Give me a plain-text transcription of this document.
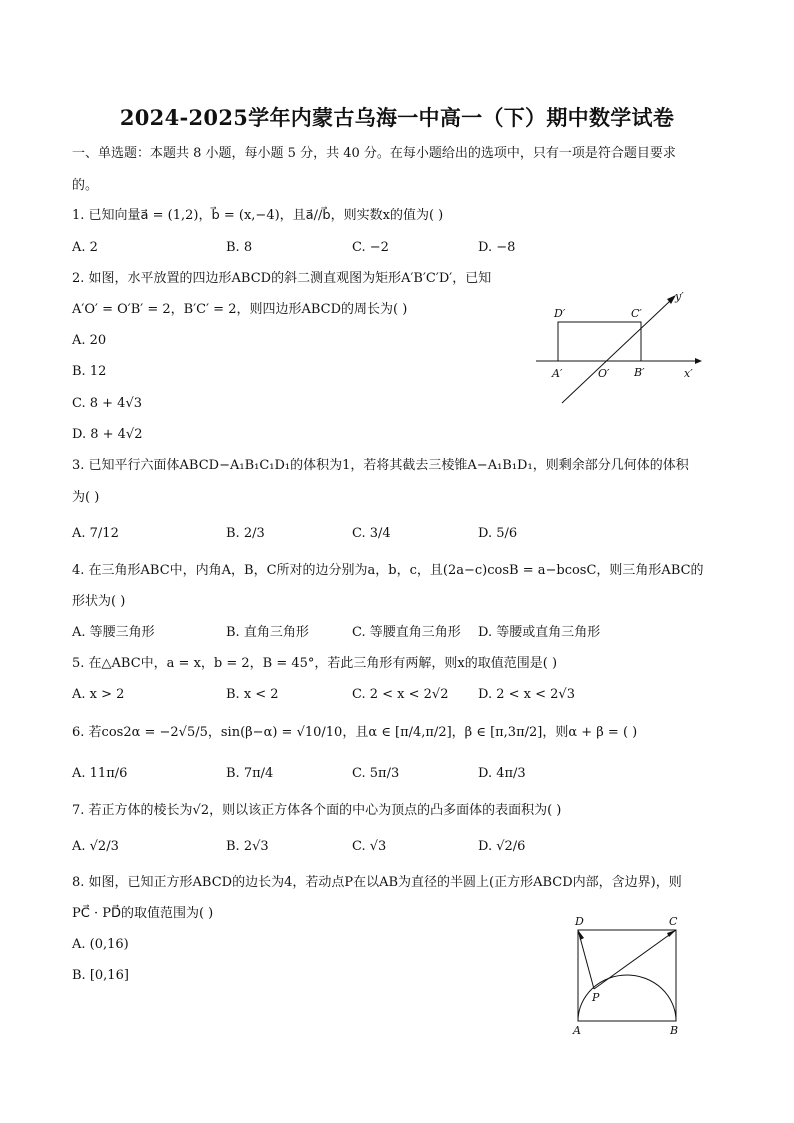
2024-2025学年内蒙古乌海一中高一（下）期中数学试卷
一、单选题：本题共 8 小题，每小题 5 分，共 40 分。在每小题给出的选项中，只有一项是符合题目要求
的。
1. 已知向量a⃗ = (1,2)，b⃗ = (x,−4)，且a⃗//b⃗，则实数x的值为( )
A. 2	B. 8	C. −2	D. −8
2. 如图，水平放置的四边形ABCD的斜二测直观图为矩形A′B′C′D′，已知
A′O′ = O′B′ = 2，B′C′ = 2，则四边形ABCD的周长为( )
A. 20
B. 12
C. 8 + 4√3
D. 8 + 4√2
D′	C′
y′
A′	O′ B′	x′
3. 已知平行六面体ABCD−A₁B₁C₁D₁的体积为1，若将其截去三棱锥A−A₁B₁D₁，则剩余部分几何体的体积
为( )
A. 7/12	B. 2/3	C. 3/4	D. 5/6
4. 在三角形ABC中，内角A，B，C所对的边分别为a，b，c，且(2a−c)cosB = a−bcosC，则三角形ABC的
形状为( )
A. 等腰三角形	B. 直角三角形	C. 等腰直角三角形 D. 等腰或直角三角形
5. 在△ABC中，a = x，b = 2，B = 45°，若此三角形有两解，则x的取值范围是( )
A. x > 2	B. x < 2	C. 2 < x < 2√2 D. 2 < x < 2√3
6. 若cos2α = −2√5/5，sin(β−α) = √10/10，且α ∈ [π/4,π/2]，β ∈ [π,3π/2]，则α + β = ( )
A. 11π/6	B. 7π/4	C. 5π/3	D. 4π/3
7. 若正方体的棱长为√2，则以该正方体各个面的中心为顶点的凸多面体的表面积为( )
A. √2/3	B. 2√3	C. √3	D. √2/6
8. 如图，已知正方形ABCD的边长为4，若动点P在以AB为直径的半圆上(正方形ABCD内部，含边界)，则
PC⃗ · PD⃗的取值范围为( )
A. (0,16)
B. [0,16]
D	C
P
A	B
